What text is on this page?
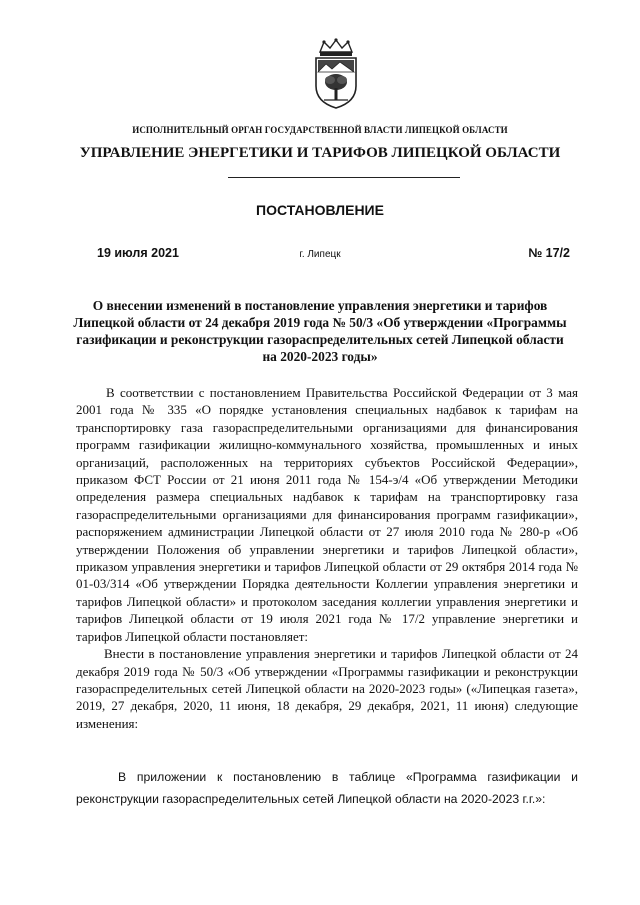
ИСПОЛНИТЕЛЬНЫЙ ОРГАН ГОСУДАРСТВЕННОЙ ВЛАСТИ ЛИПЕЦКОЙ ОБЛАСТИ
УПРАВЛЕНИЕ ЭНЕРГЕТИКИ И ТАРИФОВ ЛИПЕЦКОЙ ОБЛАСТИ
ПОСТАНОВЛЕНИЕ
19 июля 2021	г. Липецк	№ 17/2
О внесении изменений в постановление управления энергетики и тарифов Липецкой области от 24 декабря 2019 года № 50/3 «Об утверждении «Программы газификации и реконструкции газораспределительных сетей Липецкой области на 2020-2023 годы»

В соответствии с постановлением Правительства Российской Федерации от 3 мая 2001 года № 335 «О порядке установления специальных надбавок к тарифам на транспортировку газа газораспределительными организациями для финансирования программ газификации жилищно-коммунального хозяйства, промышленных и иных организаций, расположенных на территориях субъектов Российской Федерации», приказом ФСТ России от 21 июня 2011 года № 154-э/4 «Об утверждении Методики определения размера специальных надбавок к тарифам на транспортировку газа газораспределительными организациями для финансирования программ газификации», распоряжением администрации Липецкой области от 27 июля 2010 года № 280-р «Об утверждении Положения об управлении энергетики и тарифов Липецкой области», приказом управления энергетики и тарифов Липецкой области от 29 октября 2014 года № 01-03/314 «Об утверждении Порядка деятельности Коллегии управления энергетики и тарифов Липецкой области» и протоколом заседания коллегии управления энергетики и тарифов Липецкой области от 19 июля 2021 года № 17/2 управление энергетики и тарифов Липецкой области постановляет:

Внести в постановление управления энергетики и тарифов Липецкой области от 24 декабря 2019 года № 50/3 «Об утверждении «Программы газификации и реконструкции газораспределительных сетей Липецкой области на 2020-2023 годы» («Липецкая газета», 2019, 27 декабря, 2020, 11 июня, 18 декабря, 29 декабря, 2021, 11 июня) следующие изменения:

В приложении к постановлению в таблице «Программа газификации и реконструкции газораспределительных сетей Липецкой области на 2020-2023 г.г.»:
